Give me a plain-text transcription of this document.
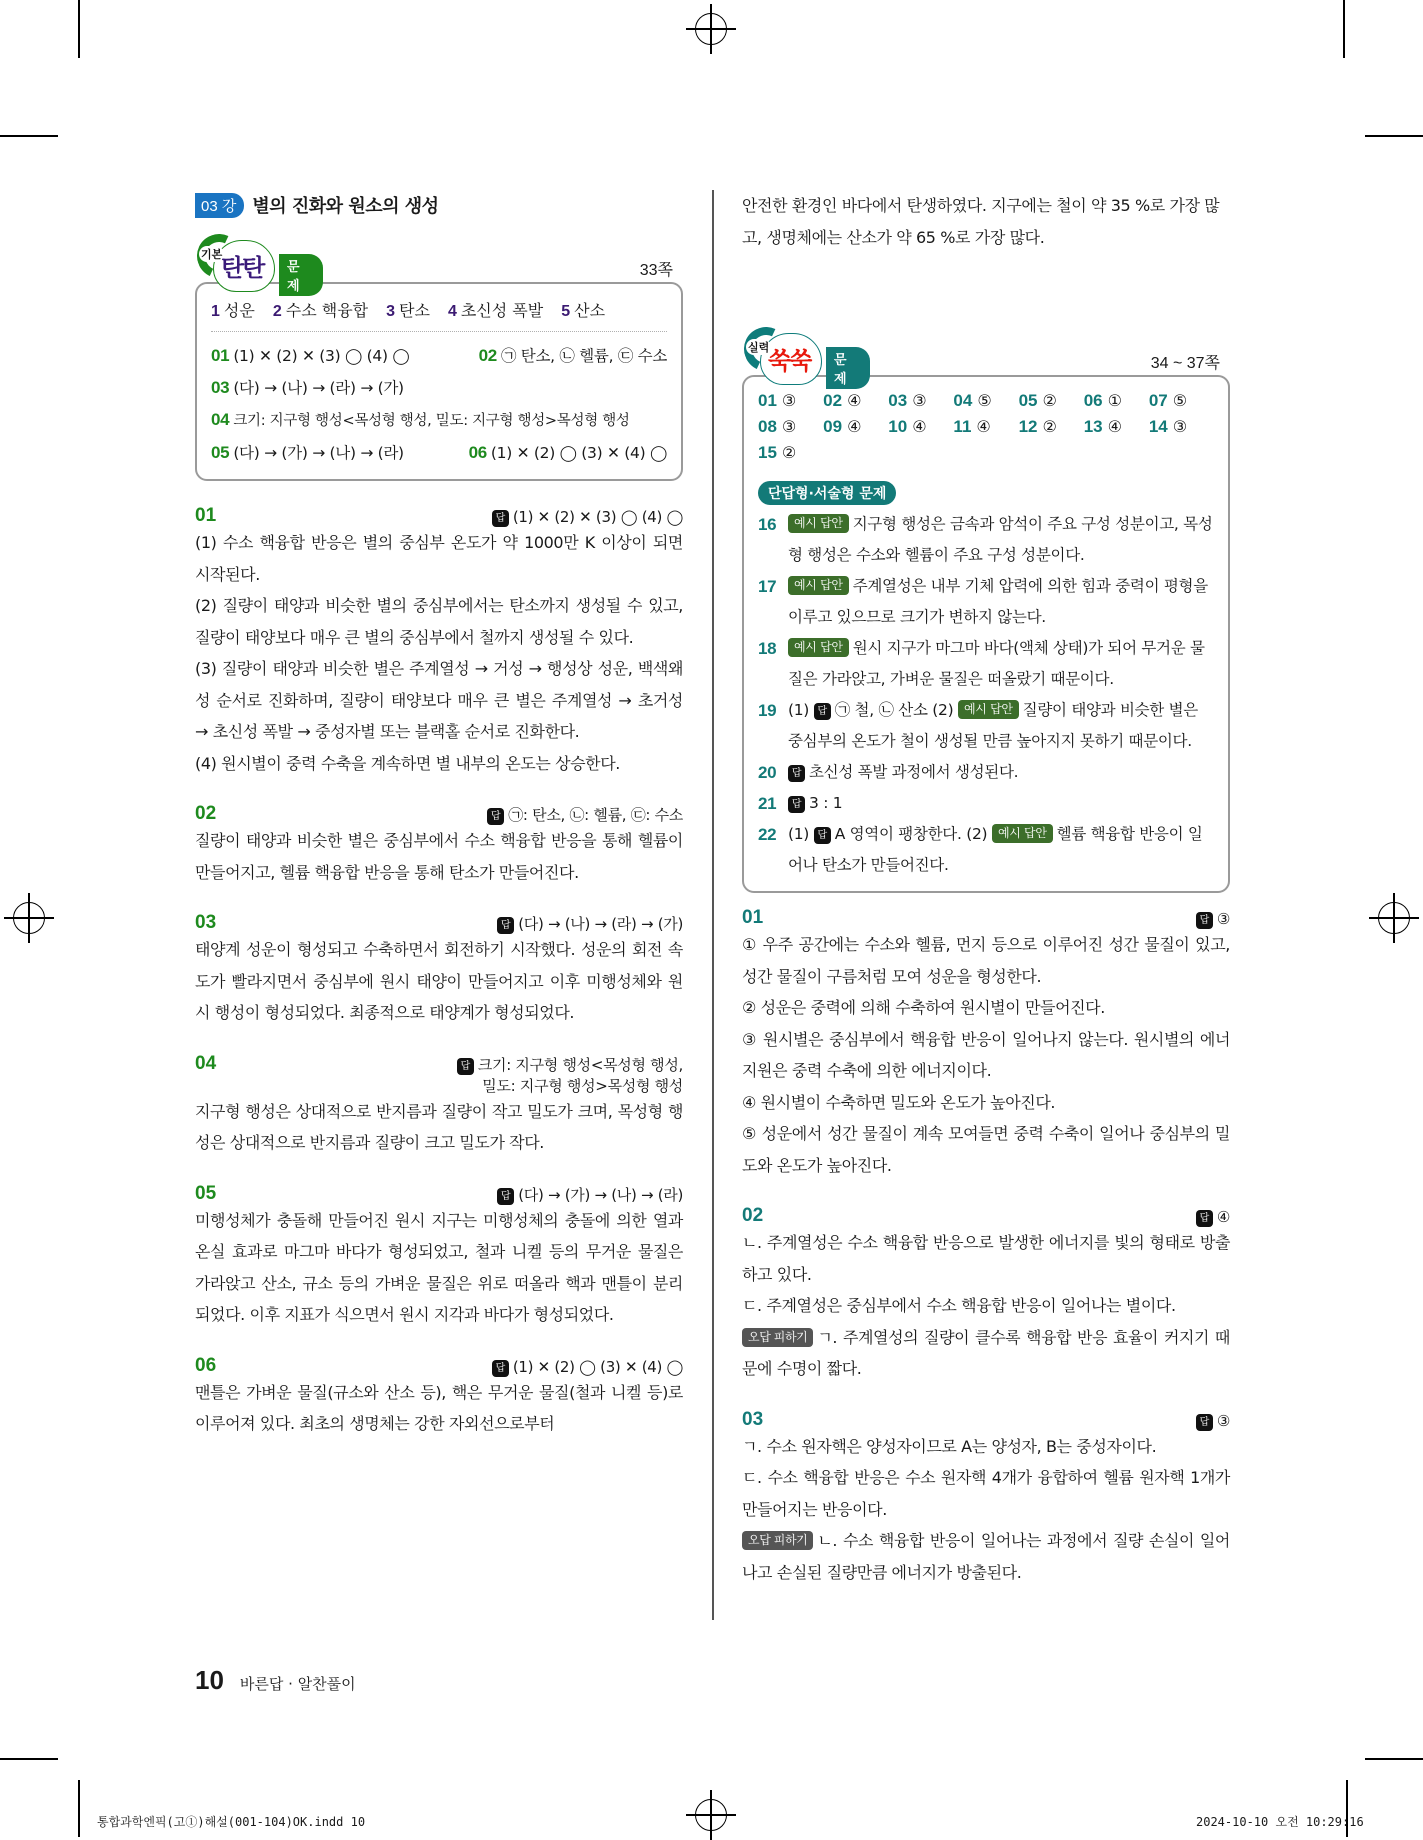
03 강 별의 진화와 원소의 생성
기본
탄탄	문제
33쪽
1 성운 2 수소 핵융합 3 탄소 4 초신성 폭발 5 산소
01 (1) ✕ (2) ✕ (3) ◯ (4) ◯	02 ㉠ 탄소, ㉡ 헬륨, ㉢ 수소
03 (다) → (나) → (라) → (가)
04 크기: 지구형 행성<목성형 행성, 밀도: 지구형 행성>목성형 행성
05 (다) → (가) → (나) → (라)	06 (1) ✕ (2) ◯ (3) ✕ (4) ◯
01	답 (1) ✕ (2) ✕ (3) ◯ (4) ◯

(1) 수소 핵융합 반응은 별의 중심부 온도가 약 1000만 K 이상이 되면 시작된다.

(2) 질량이 태양과 비슷한 별의 중심부에서는 탄소까지 생성될 수 있고, 질량이 태양보다 매우 큰 별의 중심부에서 철까지 생성될 수 있다.

(3) 질량이 태양과 비슷한 별은 주계열성 → 거성 → 행성상 성운, 백색왜성 순서로 진화하며, 질량이 태양보다 매우 큰 별은 주계열성 → 초거성 → 초신성 폭발 → 중성자별 또는 블랙홀 순서로 진화한다.

(4) 원시별이 중력 수축을 계속하면 별 내부의 온도는 상승한다.

02	답 ㉠: 탄소, ㉡: 헬륨, ㉢: 수소

질량이 태양과 비슷한 별은 중심부에서 수소 핵융합 반응을 통해 헬륨이 만들어지고, 헬륨 핵융합 반응을 통해 탄소가 만들어진다.

03	답 (다) → (나) → (라) → (가)

태양계 성운이 형성되고 수축하면서 회전하기 시작했다. 성운의 회전 속도가 빨라지면서 중심부에 원시 태양이 만들어지고 이후 미행성체와 원시 행성이 형성되었다. 최종적으로 태양계가 형성되었다.

04	답 크기: 지구형 행성<목성형 행성,
밀도: 지구형 행성>목성형 행성

지구형 행성은 상대적으로 반지름과 질량이 작고 밀도가 크며, 목성형 행성은 상대적으로 반지름과 질량이 크고 밀도가 작다.

05	답 (다) → (가) → (나) → (라)

미행성체가 충돌해 만들어진 원시 지구는 미행성체의 충돌에 의한 열과 온실 효과로 마그마 바다가 형성되었고, 철과 니켈 등의 무거운 물질은 가라앉고 산소, 규소 등의 가벼운 물질은 위로 떠올라 핵과 맨틀이 분리되었다. 이후 지표가 식으면서 원시 지각과 바다가 형성되었다.

06	답 (1) ✕ (2) ◯ (3) ✕ (4) ◯

맨틀은 가벼운 물질(규소와 산소 등), 핵은 무거운 물질(철과 니켈 등)로 이루어져 있다. 최초의 생명체는 강한 자외선으로부터

안전한 환경인 바다에서 탄생하였다. 지구에는 철이 약 35 %로 가장 많고, 생명체에는 산소가 약 65 %로 가장 많다.

실력
쑥쑥	문제
34 ~ 37쪽
01 ③	02 ④	03 ③	04 ⑤	05 ②	06 ①	07 ⑤
08 ③	09 ④	10 ④	11 ④	12 ②	13 ④	14 ③
15 ②
단답형·서술형 문제
16	예시 답안 지구형 행성은 금속과 암석이 주요 구성 성분이고, 목성형 행성은 수소와 헬륨이 주요 구성 성분이다.
17	예시 답안 주계열성은 내부 기체 압력에 의한 힘과 중력이 평형을 이루고 있으므로 크기가 변하지 않는다.
18	예시 답안 원시 지구가 마그마 바다(액체 상태)가 되어 무거운 물질은 가라앉고, 가벼운 물질은 떠올랐기 때문이다.
19 (1) 답 ㉠ 철, ㉡ 산소 (2) 예시 답안 질량이 태양과 비슷한 별은 중심부의 온도가 철이 생성될 만큼 높아지지 못하기 때문이다.
20	답 초신성 폭발 과정에서 생성된다.
21	답 3 : 1
22 (1) 답 A 영역이 팽창한다. (2) 예시 답안 헬륨 핵융합 반응이 일어나 탄소가 만들어진다.
01	답 ③

① 우주 공간에는 수소와 헬륨, 먼지 등으로 이루어진 성간 물질이 있고, 성간 물질이 구름처럼 모여 성운을 형성한다.

② 성운은 중력에 의해 수축하여 원시별이 만들어진다.

③ 원시별은 중심부에서 핵융합 반응이 일어나지 않는다. 원시별의 에너지원은 중력 수축에 의한 에너지이다.

④ 원시별이 수축하면 밀도와 온도가 높아진다.

⑤ 성운에서 성간 물질이 계속 모여들면 중력 수축이 일어나 중심부의 밀도와 온도가 높아진다.

02	답 ④

ㄴ. 주계열성은 수소 핵융합 반응으로 발생한 에너지를 빛의 형태로 방출하고 있다.

ㄷ. 주계열성은 중심부에서 수소 핵융합 반응이 일어나는 별이다.

오답 피하기 ㄱ. 주계열성의 질량이 클수록 핵융합 반응 효율이 커지기 때문에 수명이 짧다.

03	답 ③

ㄱ. 수소 원자핵은 양성자이므로 A는 양성자, B는 중성자이다.

ㄷ. 수소 핵융합 반응은 수소 원자핵 4개가 융합하여 헬륨 원자핵 1개가 만들어지는 반응이다.

오답 피하기 ㄴ. 수소 핵융합 반응이 일어나는 과정에서 질량 손실이 일어나고 손실된 질량만큼 에너지가 방출된다.

10 바른답 · 알찬풀이
통합과학엔픽(고①)해설(001-104)OK.indd 10	2024-10-10 오전 10:29:16
